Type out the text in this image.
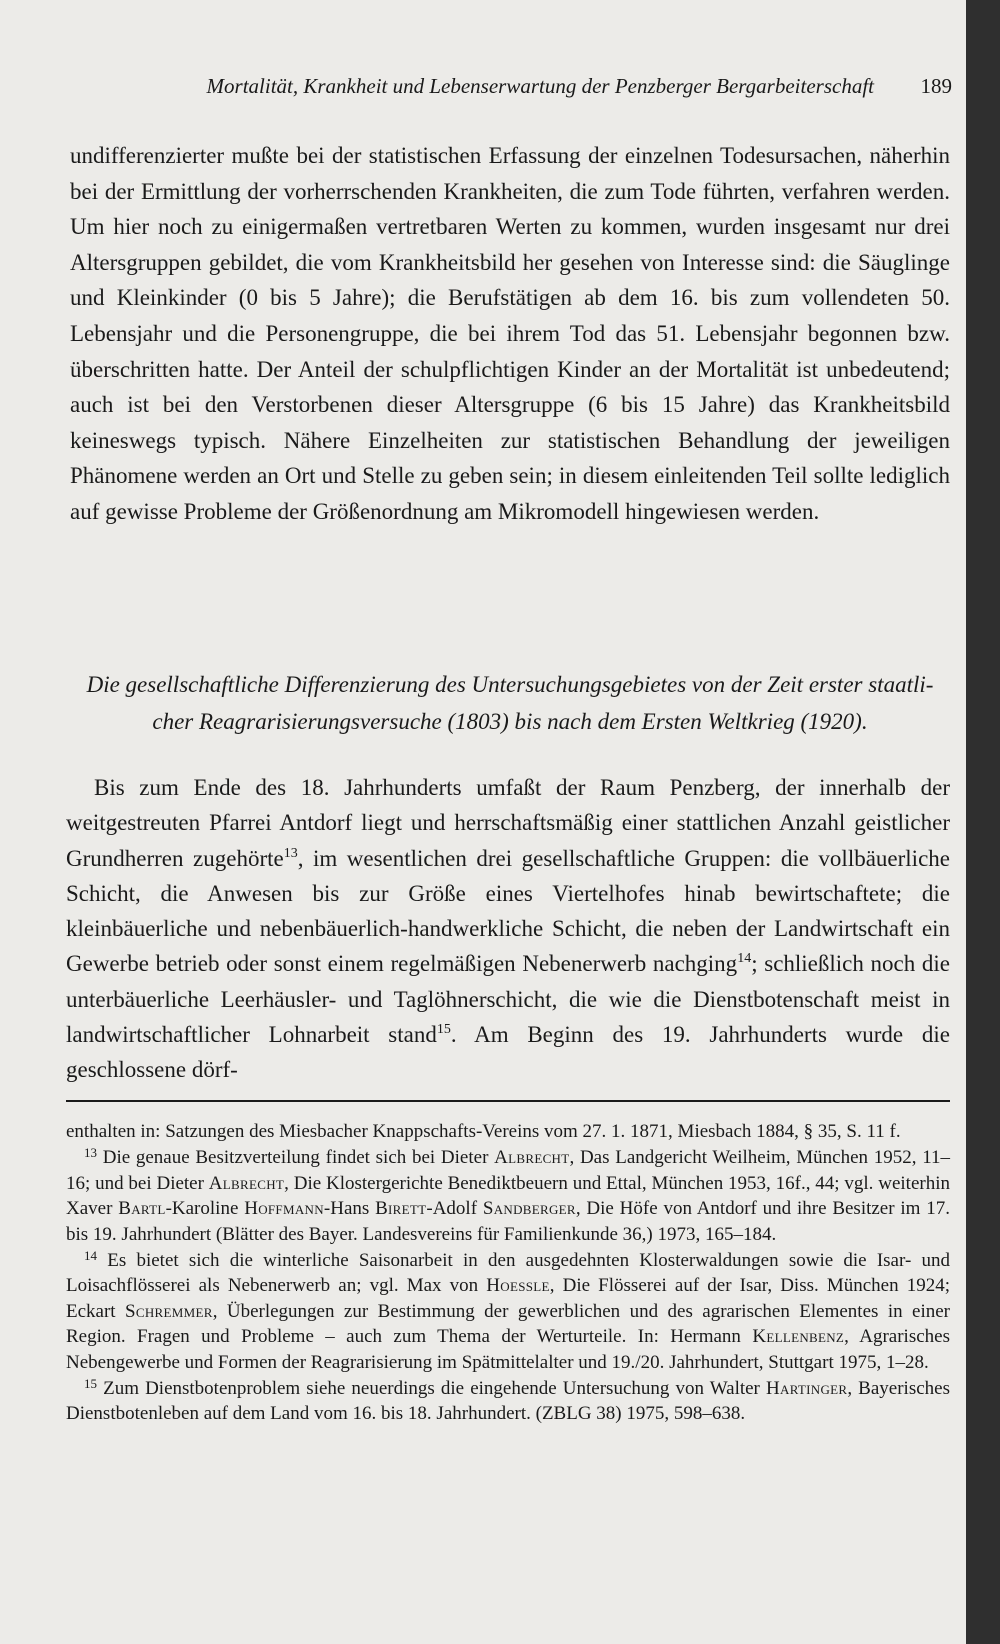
Mortalität, Krankheit und Lebenserwartung der Penzberger Bergarbeiterschaft	189

undifferenzierter mußte bei der statistischen Erfassung der einzelnen Todesursachen, näherhin bei der Ermittlung der vorherrschenden Krankheiten, die zum Tode führten, verfahren werden. Um hier noch zu einigermaßen vertretbaren Werten zu kommen, wurden insgesamt nur drei Altersgruppen gebildet, die vom Krankheitsbild her gesehen von Interesse sind: die Säuglinge und Kleinkinder (0 bis 5 Jahre); die Berufstätigen ab dem 16. bis zum vollendeten 50. Lebensjahr und die Personengruppe, die bei ihrem Tod das 51. Lebensjahr begonnen bzw. überschritten hatte. Der Anteil der schulpflichtigen Kinder an der Mortalität ist unbedeutend; auch ist bei den Verstorbenen dieser Altersgruppe (6 bis 15 Jahre) das Krankheitsbild keineswegs typisch. Nähere Einzelheiten zur statistischen Behandlung der jeweiligen Phänomene werden an Ort und Stelle zu geben sein; in diesem einleitenden Teil sollte lediglich auf gewisse Probleme der Größenordnung am Mikromodell hingewiesen werden.

Die gesellschaftliche Differenzierung des Untersuchungsgebietes von der Zeit erster staatli-
cher Reagrarisierungsversuche (1803) bis nach dem Ersten Weltkrieg (1920).

Bis zum Ende des 18. Jahrhunderts umfaßt der Raum Penzberg, der innerhalb der weitgestreuten Pfarrei Antdorf liegt und herrschaftsmäßig einer stattlichen Anzahl geistlicher Grundherren zugehörte$^{13}$, im wesentlichen drei gesellschaftliche Gruppen: die vollbäuerliche Schicht, die Anwesen bis zur Größe eines Viertelhofes hinab bewirtschaftete; die kleinbäuerliche und nebenbäuerlich-handwerkliche Schicht, die neben der Landwirtschaft ein Gewerbe betrieb oder sonst einem regelmäßigen Nebenerwerb nachging$^{14}$; schließlich noch die unterbäuerliche Leerhäusler- und Taglöhnerschicht, die wie die Dienstbotenschaft meist in landwirtschaftlicher Lohnarbeit stand$^{15}$. Am Beginn des 19. Jahrhunderts wurde die geschlossene dörf-

enthalten in: Satzungen des Miesbacher Knappschafts-Vereins vom 27. 1. 1871, Miesbach 1884, § 35, S. 11 f.

$^{13}$ Die genaue Besitzverteilung findet sich bei Dieter Albrecht, Das Landgericht Weilheim, München 1952, 11–16; und bei Dieter Albrecht, Die Klostergerichte Benediktbeuern und Ettal, München 1953, 16f., 44; vgl. weiterhin Xaver Bartl-Karoline Hoffmann-Hans Birett-Adolf Sandberger, Die Höfe von Antdorf und ihre Besitzer im 17. bis 19. Jahrhundert (Blätter des Bayer. Landesvereins für Familienkunde 36,) 1973, 165–184.

$^{14}$ Es bietet sich die winterliche Saisonarbeit in den ausgedehnten Klosterwaldungen sowie die Isar- und Loisachflösserei als Nebenerwerb an; vgl. Max von Hoessle, Die Flösserei auf der Isar, Diss. München 1924; Eckart Schremmer, Überlegungen zur Bestimmung der gewerblichen und des agrarischen Elementes in einer Region. Fragen und Probleme – auch zum Thema der Werturteile. In: Hermann Kellenbenz, Agrarisches Nebengewerbe und Formen der Reagrarisierung im Spätmittelalter und 19./20. Jahrhundert, Stuttgart 1975, 1–28.

$^{15}$ Zum Dienstbotenproblem siehe neuerdings die eingehende Untersuchung von Walter Hartinger, Bayerisches Dienstbotenleben auf dem Land vom 16. bis 18. Jahrhundert. (ZBLG 38) 1975, 598–638.
